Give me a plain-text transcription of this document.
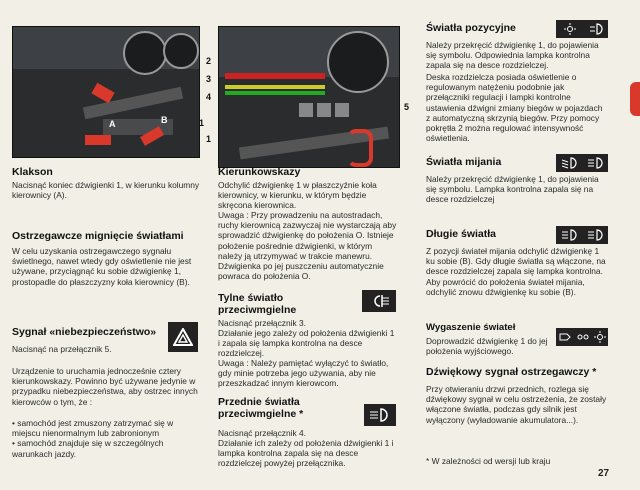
A	B	1
Klakson
Nacisnąć koniec dźwigienki 1, w kierunku kolumny kierownicy (A).
Ostrzegawcze mignięcie światłami
W celu uzyskania ostrzegawczego sygnału świetlnego, nawet wtedy gdy oświetlenie nie jest używane, przyciągnąć ku sobie dźwigienkę 1, prostopadle do płaszczyzny koła kierownicy (B).
Sygnał «niebezpieczeństwo»
Nacisnąć na przełącznik 5.
Urządzenie to uruchamia jednocześnie cztery kierunkowskazy. Powinno być używane jedynie w przypadku niebezpieczeństwa, aby ostrzec innych kierowców o tym, że :
• samochód jest zmuszony zatrzymać się w miejscu nienormalnym lub zabronionym
• samochód znajduje się w szczególnych warunkach jazdy.
2
3
4
5
1
Kierunkowskazy
Odchylić dźwigienkę 1 w płaszczyźnie koła kierownicy, w kierunku, w którym będzie skręcona kierownica.
Uwaga : Przy prowadzeniu na autostradach, ruchy kierownicą zazwyczaj nie wystarczają aby sprowadzić dźwigienkę do położenia O. Istnieje położenie pośrednie dźwigienki, w którym należy ją utrzymywać w trakcie manewru. Dźwigienka po jej puszczeniu automatycznie powraca do położenia O.
Tylne światło przeciwmgielne
Nacisnąć przełącznik 3.
Działanie jego zależy od położenia dźwigienki 1 i zapala się lampka kontrolna na desce rozdzielczej.
Uwaga : Należy pamiętać wyłączyć to światło, gdy minie potrzeba jego używania, aby nie przeszkadzać innym kierowcom.
Przednie światła przeciwmgielne *
Nacisnąć przełącznik 4.
Działanie ich zależy od położenia dźwigienki 1 i lampka kontrolna zapala się na desce rozdzielczej powyżej przełącznika.
Światła pozycyjne
Należy przekręcić dźwigienkę 1, do pojawienia się symbolu. Odpowiednia lampka kontrolna zapala się na desce rozdzielczej.
Deska rozdzielcza posiada oświetlenie o regulowanym natężeniu podobnie jak przełączniki regulacji i lampki kontrolne ustawienia dźwigni zmiany biegów w pojazdach z automatyczną skrzynią biegów. Przy pomocy pokrętła 2 można regulować intensywność oświetlenia.
Światła mijania
Należy przekręcić dźwigienkę 1, do pojawienia się symbolu. Lampka kontrolna zapala się na desce rozdzielczej
Długie światła
Z pozycji świateł mijania odchylić dźwigienkę 1 ku sobie (B). Gdy długie światła są włączone, na desce rozdzielczej zapala się lampka kontrolna. Aby powrócić do położenia świateł mijania, odchylić znowu dźwigienkę ku sobie (B).
Wygaszenie świateł
Doprowadzić dźwigienkę 1 do jej położenia wyjściowego.
Dźwiękowy sygnał ostrzegawczy *
Przy otwieraniu drzwi przednich, rozlega się dźwiękowy sygnał w celu ostrzeżenia, że zostały włączone światła, podczas gdy silnik jest wyłączony (wyładowanie akumulatora...).
* W zależności od wersji lub kraju
27
